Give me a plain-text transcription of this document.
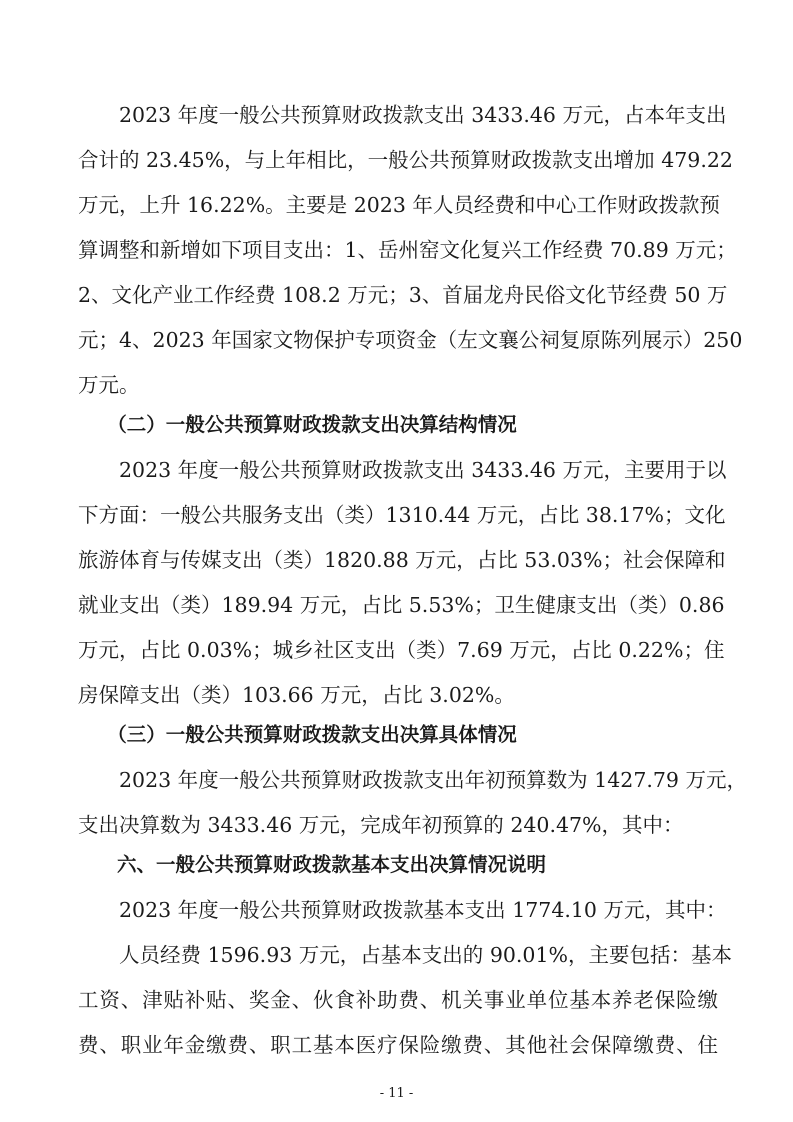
　　2023 年度一般公共预算财政拨款支出 3433.46 万元，占本年支出
合计的 23.45%，与上年相比，一般公共预算财政拨款支出增加 479.22
万元，上升 16.22%。主要是 2023 年人员经费和中心工作财政拨款预
算调整和新增如下项目支出：1、岳州窑文化复兴工作经费 70.89 万元；
2、文化产业工作经费 108.2 万元；3、首届龙舟民俗文化节经费 50 万
元；4、2023 年国家文物保护专项资金（左文襄公祠复原陈列展示）250
万元。
　　（二）一般公共预算财政拨款支出决算结构情况
　　2023 年度一般公共预算财政拨款支出 3433.46 万元，主要用于以
下方面：一般公共服务支出（类）1310.44 万元，占比 38.17%；文化
旅游体育与传媒支出（类）1820.88 万元，占比 53.03%；社会保障和
就业支出（类）189.94 万元，占比 5.53%；卫生健康支出（类）0.86
万元，占比 0.03%；城乡社区支出（类）7.69 万元，占比 0.22%；住
房保障支出（类）103.66 万元，占比 3.02%。
　　（三）一般公共预算财政拨款支出决算具体情况
　　2023 年度一般公共预算财政拨款支出年初预算数为 1427.79 万元，
支出决算数为 3433.46 万元，完成年初预算的 240.47%，其中：
　　六、一般公共预算财政拨款基本支出决算情况说明
　　2023 年度一般公共预算财政拨款基本支出 1774.10 万元，其中：
　　人员经费 1596.93 万元，占基本支出的 90.01%，主要包括：基本
工资、津贴补贴、奖金、伙食补助费、机关事业单位基本养老保险缴
费、职业年金缴费、职工基本医疗保险缴费、其他社会保障缴费、住
- 11 -
